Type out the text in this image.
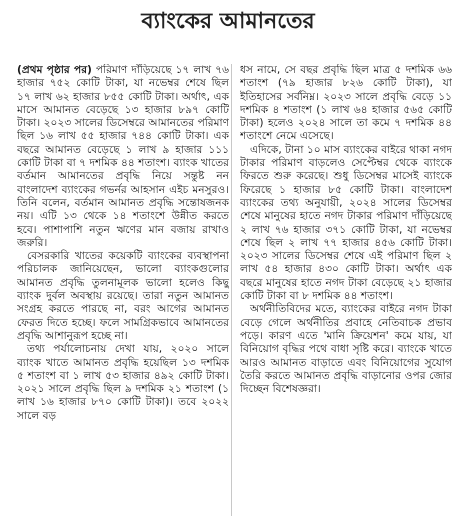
ব্যাংকের আমানতের

(প্রথম পৃষ্ঠার পর) পরিমাণ দাঁড়িয়েছে ১৭ লাখ ৭৬ হাজার ৭৫২ কোটি টাকা, যা নভেম্বর শেষে ছিল ১৭ লাখ ৬২ হাজার ৮৫৫ কোটি টাকা। অর্থাৎ, এক মাসে আমানত বেড়েছে ১৩ হাজার ৮৯৭ কোটি টাকা। ২০২৩ সালের ডিসেম্বরে আমানতের পরিমাণ ছিল ১৬ লাখ ৫৫ হাজার ৭৪৪ কোটি টাকা। এক বছরে আমানত বেড়েছে ১ লাখ ৯ হাজার ১১১ কোটি টাকা বা ৭ দশমিক ৪৪ শতাংশ। ব্যাংক খাতের বর্তমান আমানতের প্রবৃদ্ধি নিয়ে সন্তুষ্ট নন বাংলাদেশ ব্যাংকের গভর্নর আহসান এইচ মনসুরও। তিনি বলেন, বর্তমান আমানত প্রবৃদ্ধি সন্তোষজনক নয়। এটি ১৩ থেকে ১৪ শতাংশে উন্নীত করতে হবে। পাশাপাশি নতুন ঋণের মান বজায় রাখাও জরুরি।

বেসরকারি খাতের কয়েকটি ব্যাংকের ব্যবস্থাপনা পরিচালক জানিয়েছেন, ভালো ব্যাংকগুলোর আমানত প্রবৃদ্ধি তুলনামূলক ভালো হলেও কিছু ব্যাংক দুর্বল অবস্থায় রয়েছে। তারা নতুন আমানত সংগ্রহ করতে পারছে না, বরং আগের আমানত ফেরত দিতে হচ্ছে। ফলে সামগ্রিকভাবে আমানতের প্রবৃদ্ধি আশানুরূপ হচ্ছে না।

তথ্য পর্যালোচনায় দেখা যায়, ২০২০ সালে ব্যাংক খাতে আমানত প্রবৃদ্ধি হয়েছিল ১৩ দশমিক ৫ শতাংশ বা ১ লাখ ৫৩ হাজার ৪৯২ কোটি টাকা। ২০২১ সালে প্রবৃদ্ধি ছিল ৯ দশমিক ২১ শতাংশ (১ লাখ ১৬ হাজার ৮৭০ কোটি টাকা)। তবে ২০২২ সালে বড়

ধস নামে, সে বছর প্রবৃদ্ধি ছিল মাত্র ৫ দশমিক ৬৬ শতাংশ (৭৯ হাজার ৮২৬ কোটি টাকা), যা ইতিহাসের সর্বনিম্ন। ২০২৩ সালে প্রবৃদ্ধি বেড়ে ১১ দশমিক ৪ শতাংশ (১ লাখ ৬৪ হাজার ৫৬৫ কোটি টাকা) হলেও ২০২৪ সালে তা কমে ৭ দশমিক ৪৪ শতাংশে নেমে এসেছে।

এদিকে, টানা ১০ মাস ব্যাংকের বাইরে থাকা নগদ টাকার পরিমাণ বাড়লেও সেপ্টেম্বর থেকে ব্যাংকে ফিরতে শুরু করেছে। শুধু ডিসেম্বর মাসেই ব্যাংকে ফিরেছে ১ হাজার ৮৫ কোটি টাকা। বাংলাদেশ ব্যাংকের তথ্য অনুযায়ী, ২০২৪ সালের ডিসেম্বর শেষে মানুষের হাতে নগদ টাকার পরিমাণ দাঁড়িয়েছে ২ লাখ ৭৬ হাজার ৩৭১ কোটি টাকা, যা নভেম্বর শেষে ছিল ২ লাখ ৭৭ হাজার ৪৫৬ কোটি টাকা। ২০২৩ সালের ডিসেম্বর শেষে এই পরিমাণ ছিল ২ লাখ ৫৪ হাজার ৪৩০ কোটি টাকা। অর্থাৎ এক বছরে মানুষের হাতে নগদ টাকা বেড়েছে ২১ হাজার কোটি টাকা বা ৮ দশমিক ৪৪ শতাংশ।

অর্থনীতিবিদের মতে, ব্যাংকের বাইরে নগদ টাকা বেড়ে গেলে অর্থনীতির প্রবাহে নেতিবাচক প্রভাব পড়ে। কারণ এতে 'মানি ক্রিয়েশন' কমে যায়, যা বিনিয়োগ বৃদ্ধির পথে বাধা সৃষ্টি করে। ব্যাংকে খাতে আরও আমানত বাড়াতে এবং বিনিয়োগের সুযোগ তৈরি করতে আমানত প্রবৃদ্ধি বাড়ানোর ওপর জোর দিচ্ছেন বিশেষজ্ঞরা।
